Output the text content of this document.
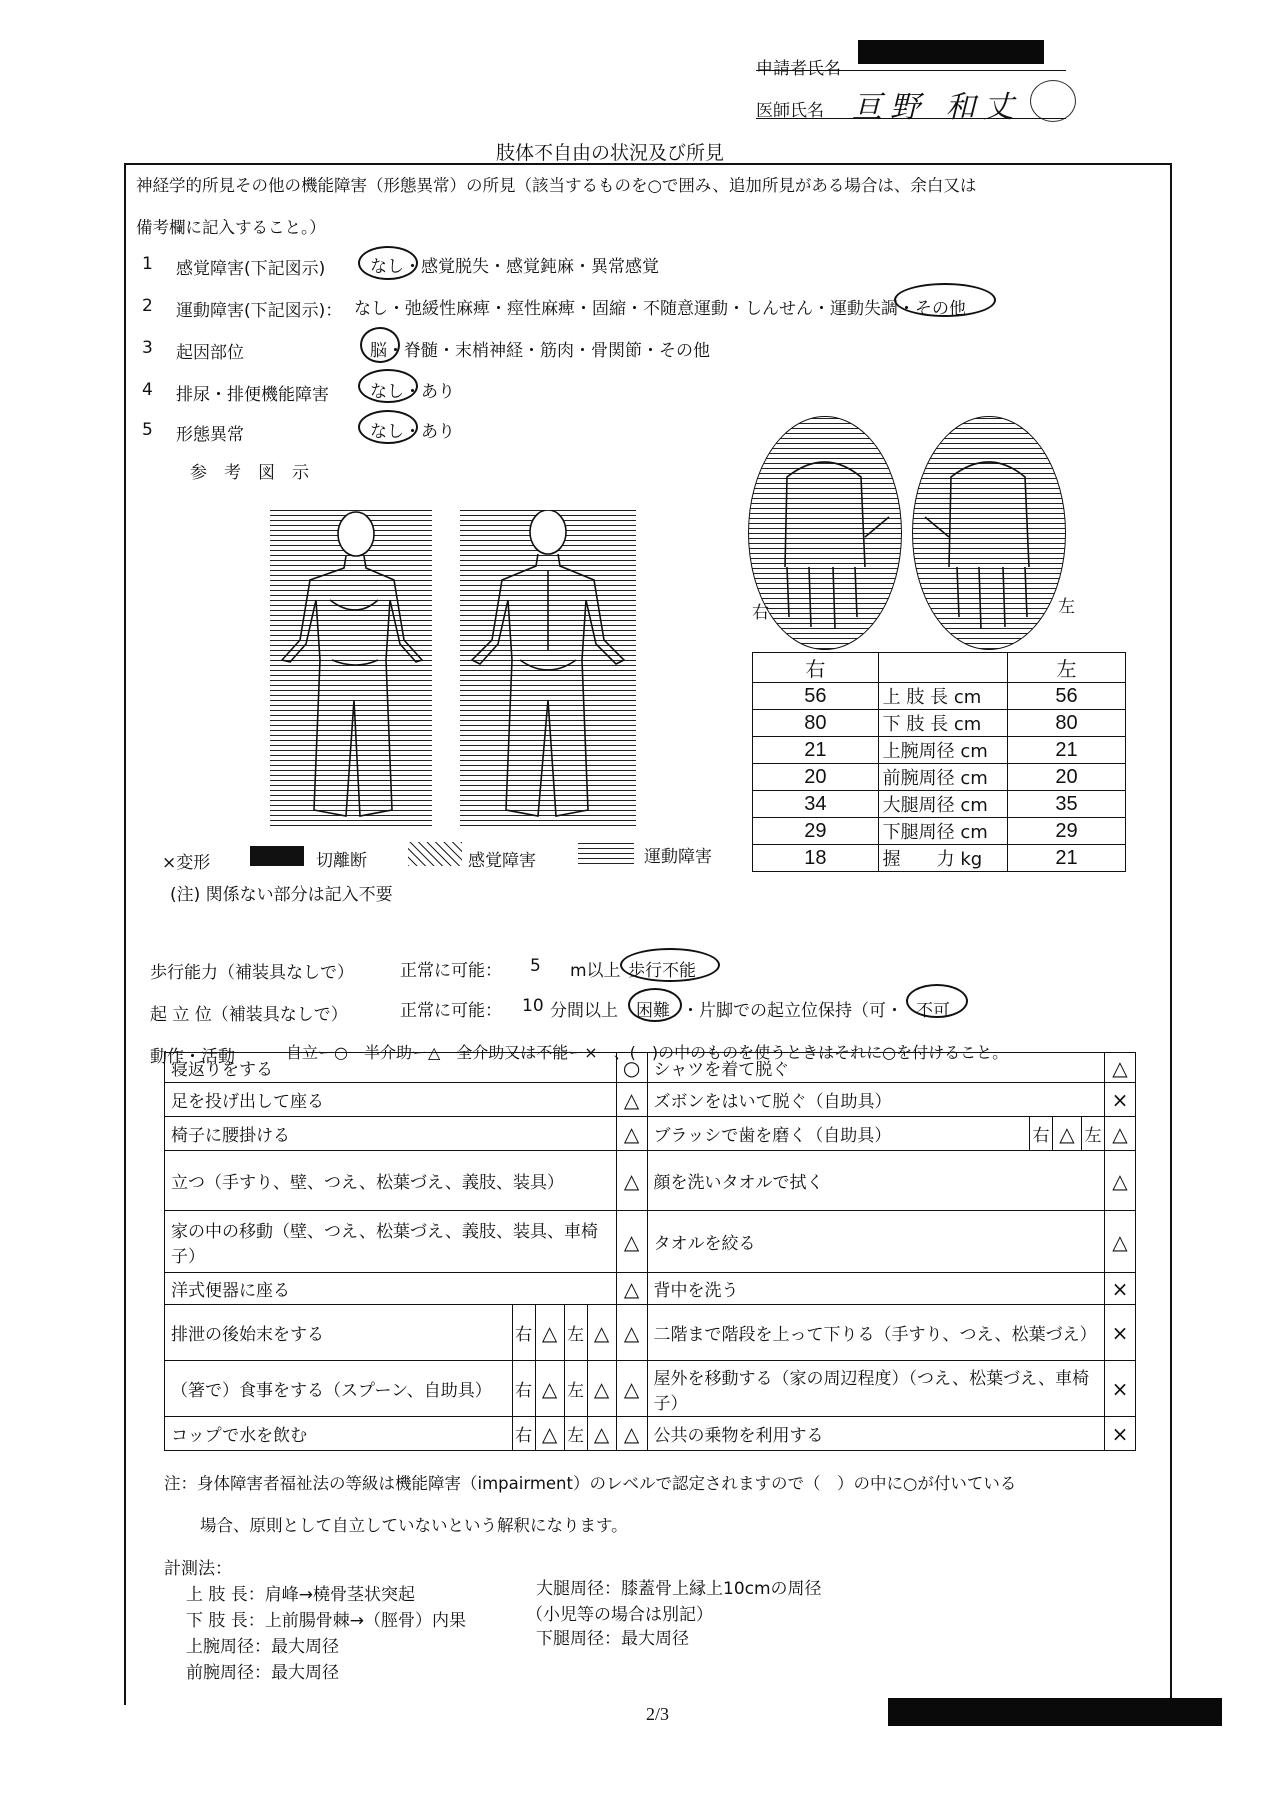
申請者氏名
医師氏名 亘野 和丈
肢体不自由の状況及び所見
神経学的所見その他の機能障害（形態異常）の所見（該当するものを○で囲み、追加所見がある場合は、余白又は
備考欄に記入すること。）
1 感覚障害(下記図示)	なし・感覚脱失・感覚鈍麻・異常感覚
2 運動障害(下記図示)： なし・弛緩性麻痺・痙性麻痺・固縮・不随意運動・しんせん・運動失調・その他
3 起因部位	脳・脊髄・末梢神経・筋肉・骨関節・その他
4 排尿・排便機能障害 なし・あり
5 形態異常	なし・あり
参　考　図　示
右	左
右		左
56	上 肢 長 cm	56
80	下 肢 長 cm	80
21	上腕周径 cm	21
20	前腕周径 cm	20
34	大腿周径 cm	35
29	下腿周径 cm	29
18	握　　力 kg	21
×変形	切離断	感覚障害	運動障害
(注) 関係ない部分は記入不要
歩行能力（補装具なしで）	正常に可能： 5 m以上 歩行不能
起 立 位（補装具なしで）	正常に可能： 10 分間以上 困難 ・片脚での起立位保持（可・ 不可
動作・活動	自立ー○　半介助ー△　全介助又は不能ー×　、(　)の中のものを使うときはそれに○を付けること。
寝返りをする					○	シャツを着て脱ぐ				△
足を投げ出して座る					△	ズボンをはいて脱ぐ（自助具）				×
椅子に腰掛ける					△	ブラッシで歯を磨く（自助具）	右	△	左	△
立つ（手すり、壁、つえ、松葉づえ、義肢、装具）					△	顔を洗いタオルで拭く				△
家の中の移動（壁、つえ、松葉づえ、義肢、装具、車椅子）					△	タオルを絞る				△
洋式便器に座る					△	背中を洗う				×
排泄の後始末をする	右	△	左	△	△	二階まで階段を上って下りる（手すり、つえ、松葉づえ）				×
（箸で）食事をする（スプーン、自助具）	右	△	左	△	△	屋外を移動する（家の周辺程度）（つえ、松葉づえ、車椅子）				×
コップで水を飲む	右	△	左	△	△	公共の乗物を利用する				×
注：身体障害者福祉法の等級は機能障害（impairment）のレベルで認定されますので（　）の中に○が付いている
場合、原則として自立していないという解釈になります。
計測法：
上 肢 長：肩峰→橈骨茎状突起
下 肢 長：上前腸骨棘→（脛骨）内果
上腕周径：最大周径
前腕周径：最大周径
大腿周径：膝蓋骨上縁上10cmの周径
（小児等の場合は別記）
下腿周径：最大周径
2/3
